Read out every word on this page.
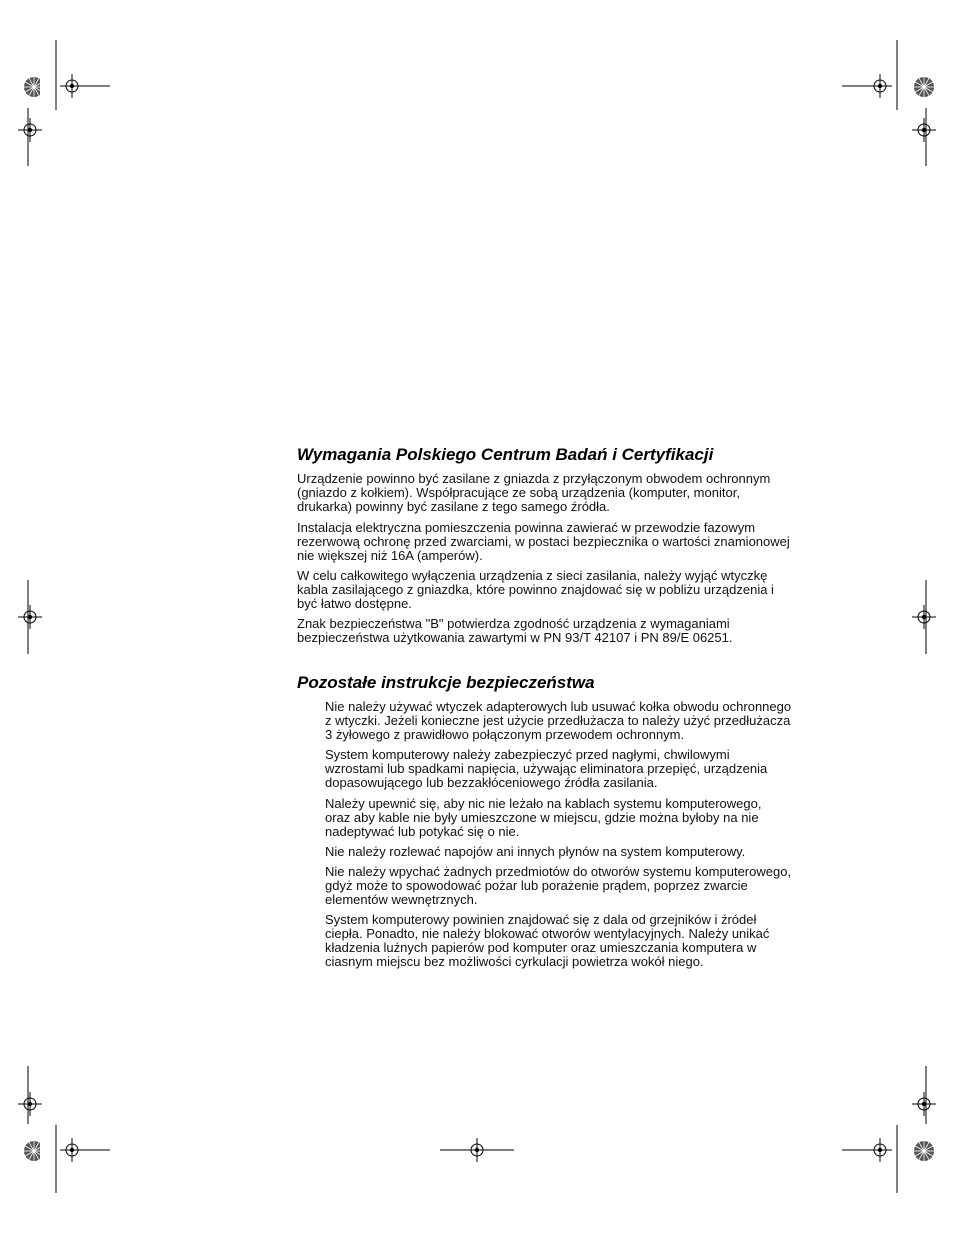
Wymagania Polskiego Centrum Badań i Certyfikacji
Urządzenie powinno być zasilane z gniazda z przyłączonym obwodem ochronnym
(gniazdo z kołkiem). Współpracujące ze sobą urządzenia (komputer, monitor,
drukarka) powinny być zasilane z tego samego źródła.
Instalacja elektryczna pomieszczenia powinna zawierać w przewodzie fazowym
rezerwową ochronę przed zwarciami, w postaci bezpiecznika o wartości znamionowej
nie większej niż 16A (amperów).
W celu całkowitego wyłączenia urządzenia z sieci zasilania, należy wyjąć wtyczkę
kabla zasilającego z gniazdka, które powinno znajdować się w pobliżu urządzenia i
być łatwo dostępne.
Znak bezpieczeństwa "B" potwierdza zgodność urządzenia z wymaganiami
bezpieczeństwa użytkowania zawartymi w PN 93/T 42107 i PN 89/E 06251.
Pozostałe instrukcje bezpieczeństwa
Nie należy używać wtyczek adapterowych lub usuwać kołka obwodu ochronnego
z wtyczki. Jeżeli konieczne jest użycie przedłużacza to należy użyć przedłużacza
3 żyłowego z prawidłowo połączonym przewodem ochronnym.
System komputerowy należy zabezpieczyć przed nagłymi, chwilowymi
wzrostami lub spadkami napięcia, używając eliminatora przepięć, urządzenia
dopasowującego lub bezzakłóceniowego źródła zasilania.
Należy upewnić się, aby nic nie leżało na kablach systemu komputerowego,
oraz aby kable nie były umieszczone w miejscu, gdzie można byłoby na nie
nadeptywać lub potykać się o nie.
Nie należy rozlewać napojów ani innych płynów na system komputerowy.
Nie należy wpychać żadnych przedmiotów do otworów systemu komputerowego,
gdyż może to spowodować pożar lub porażenie prądem, poprzez zwarcie
elementów wewnętrznych.
System komputerowy powinien znajdować się z dala od grzejników i źródeł
ciepła. Ponadto, nie należy blokować otworów wentylacyjnych. Należy unikać
kładzenia luźnych papierów pod komputer oraz umieszczania komputera w
ciasnym miejscu bez możliwości cyrkulacji powietrza wokół niego.
